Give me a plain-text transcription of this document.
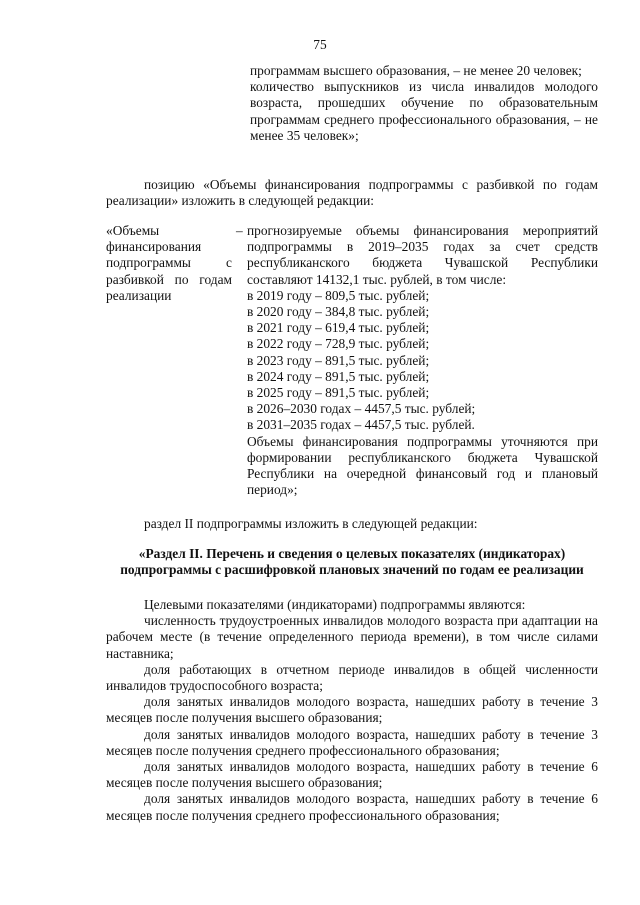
75

программам высшего образования, – не менее 20 человек;

количество выпускников из числа инвалидов молодого возраста, прошедших обучение по образовательным программам среднего профессионального образования, – не менее 35 человек»;

позицию «Объемы финансирования подпрограммы с разбивкой по годам реализации» изложить в следующей редакции:

«Объемы финансирования подпрограммы с разбивкой по годам реализации

– прогнозируемые объемы финансирования мероприятий подпрограммы в 2019–2035 годах за счет средств республиканского бюджета Чувашской Республики составляют 14132,1 тыс. рублей, в том числе:

в 2019 году – 809,5 тыс. рублей;

в 2020 году – 384,8 тыс. рублей;

в 2021 году – 619,4 тыс. рублей;

в 2022 году – 728,9 тыс. рублей;

в 2023 году – 891,5 тыс. рублей;

в 2024 году – 891,5 тыс. рублей;

в 2025 году – 891,5 тыс. рублей;

в 2026–2030 годах – 4457,5 тыс. рублей;

в 2031–2035 годах – 4457,5 тыс. рублей.

Объемы финансирования подпрограммы уточняются при формировании республиканского бюджета Чувашской Республики на очередной финансовый год и плановый период»;

раздел II подпрограммы изложить в следующей редакции:

«Раздел II. Перечень и сведения о целевых показателях (индикаторах)
подпрограммы с расшифровкой плановых значений по годам ее реализации

Целевыми показателями (индикаторами) подпрограммы являются:

численность трудоустроенных инвалидов молодого возраста при адаптации на рабочем месте (в течение определенного периода времени), в том числе силами наставника;

доля работающих в отчетном периоде инвалидов в общей численности инвалидов трудоспособного возраста;

доля занятых инвалидов молодого возраста, нашедших работу в течение 3 месяцев после получения высшего образования;

доля занятых инвалидов молодого возраста, нашедших работу в течение 3 месяцев после получения среднего профессионального образования;

доля занятых инвалидов молодого возраста, нашедших работу в течение 6 месяцев после получения высшего образования;

доля занятых инвалидов молодого возраста, нашедших работу в течение 6 месяцев после получения среднего профессионального образования;
